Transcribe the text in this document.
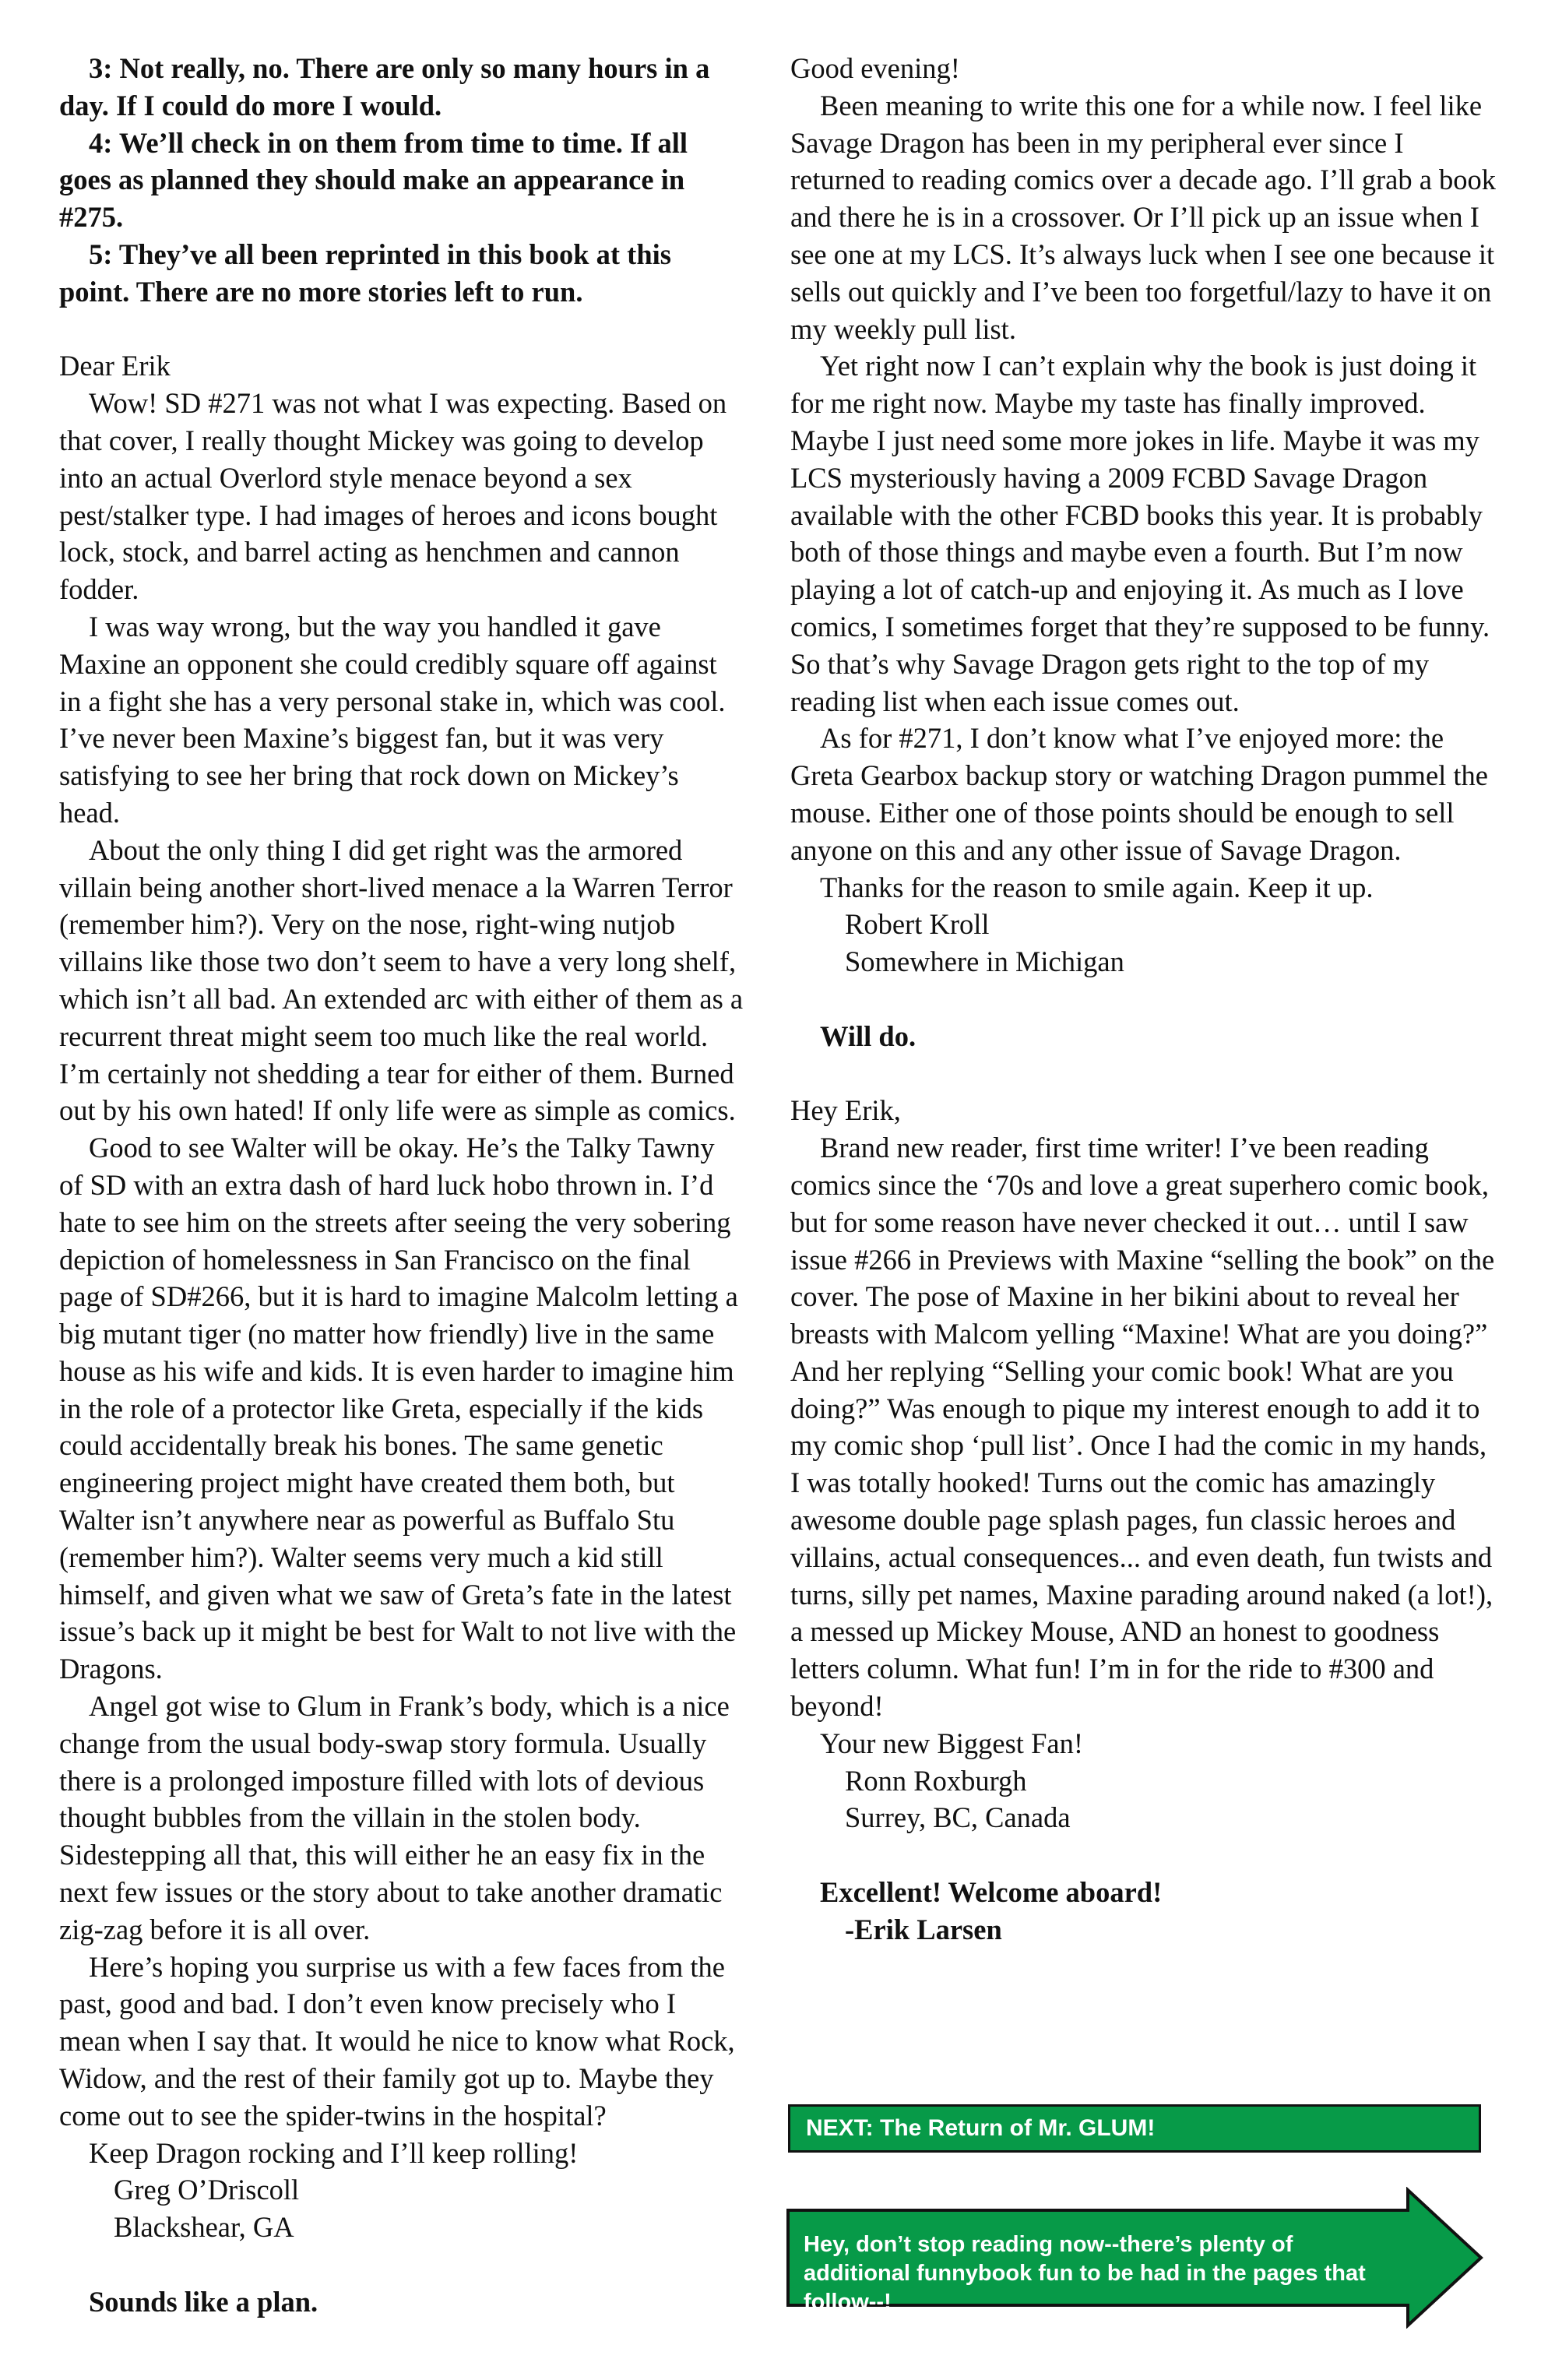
3: Not really, no. There are only so many hours in a day. If I could do more I would.
4: We’ll check in on them from time to time. If all goes as planned they should make an appearance in #275.
5: They’ve all been reprinted in this book at this point. There are no more stories left to run.
Dear Erik
Wow! SD #271 was not what I was expecting. Based on that cover, I really thought Mickey was going to develop into an actual Overlord style menace beyond a sex pest/stalker type. I had images of heroes and icons bought lock, stock, and barrel acting as henchmen and cannon fodder.
I was way wrong, but the way you handled it gave Maxine an opponent she could credibly square off against in a fight she has a very personal stake in, which was cool. I’ve never been Maxine’s biggest fan, but it was very satisfying to see her bring that rock down on Mickey’s head.
About the only thing I did get right was the armored villain being another short-lived menace a la Warren Terror (remember him?). Very on the nose, right-wing nutjob villains like those two don’t seem to have a very long shelf, which isn’t all bad. An extended arc with either of them as a recurrent threat might seem too much like the real world. I’m certainly not shedding a tear for either of them. Burned out by his own hated! If only life were as simple as comics.
Good to see Walter will be okay. He’s the Talky Tawny of SD with an extra dash of hard luck hobo thrown in. I’d hate to see him on the streets after seeing the very sobering depiction of homelessness in San Francisco on the final page of SD#266, but it is hard to imagine Malcolm letting a big mutant tiger (no matter how friendly) live in the same house as his wife and kids. It is even harder to imagine him in the role of a protector like Greta, especially if the kids could accidentally break his bones. The same genetic engineering project might have created them both, but Walter isn’t anywhere near as powerful as Buffalo Stu (remember him?). Walter seems very much a kid still himself, and given what we saw of Greta’s fate in the latest issue’s back up it might be best for Walt to not live with the Dragons.
Angel got wise to Glum in Frank’s body, which is a nice change from the usual body-swap story formula. Usually there is a prolonged imposture filled with lots of devious thought bubbles from the villain in the stolen body. Sidestepping all that, this will either he an easy fix in the next few issues or the story about to take another dramatic zig-zag before it is all over.
Here’s hoping you surprise us with a few faces from the past, good and bad. I don’t even know precisely who I mean when I say that. It would he nice to know what Rock, Widow, and the rest of their family got up to. Maybe they come out to see the spider-twins in the hospital?
Keep Dragon rocking and I’ll keep rolling!
Greg O’Driscoll
Blackshear, GA
Sounds like a plan.
Good evening!
Been meaning to write this one for a while now. I feel like Savage Dragon has been in my peripheral ever since I returned to reading comics over a decade ago. I’ll grab a book and there he is in a crossover. Or I’ll pick up an issue when I see one at my LCS. It’s always luck when I see one because it sells out quickly and I’ve been too forgetful/lazy to have it on my weekly pull list.
Yet right now I can’t explain why the book is just doing it for me right now. Maybe my taste has finally improved. Maybe I just need some more jokes in life. Maybe it was my LCS mysteriously having a 2009 FCBD Savage Dragon available with the other FCBD books this year. It is probably both of those things and maybe even a fourth. But I’m now playing a lot of catch-up and enjoying it. As much as I love comics, I sometimes forget that they’re supposed to be funny. So that’s why Savage Dragon gets right to the top of my reading list when each issue comes out.
As for #271, I don’t know what I’ve enjoyed more: the Greta Gearbox backup story or watching Dragon pummel the mouse. Either one of those points should be enough to sell anyone on this and any other issue of Savage Dragon.
Thanks for the reason to smile again. Keep it up.
Robert Kroll
Somewhere in Michigan
Will do.
Hey Erik,
Brand new reader, first time writer! I’ve been reading comics since the ‘70s and love a great superhero comic book, but for some reason have never checked it out… until I saw issue #266 in Previews with Maxine “selling the book” on the cover. The pose of Maxine in her bikini about to reveal her breasts with Malcom yelling “Maxine! What are you doing?” And her replying “Selling your comic book! What are you doing?” Was enough to pique my interest enough to add it to my comic shop ‘pull list’. Once I had the comic in my hands, I was totally hooked! Turns out the comic has amazingly awesome double page splash pages, fun classic heroes and villains, actual consequences... and even death, fun twists and turns, silly pet names, Maxine parading around naked (a lot!), a messed up Mickey Mouse, AND an honest to goodness letters column. What fun! I’m in for the ride to #300 and beyond!
Your new Biggest Fan!
Ronn Roxburgh
Surrey, BC, Canada
Excellent! Welcome aboard!
-Erik Larsen
NEXT: The Return of Mr. GLUM!
Hey, don’t stop reading now--there’s plenty of additional funnybook fun to be had in the pages that follow--!
